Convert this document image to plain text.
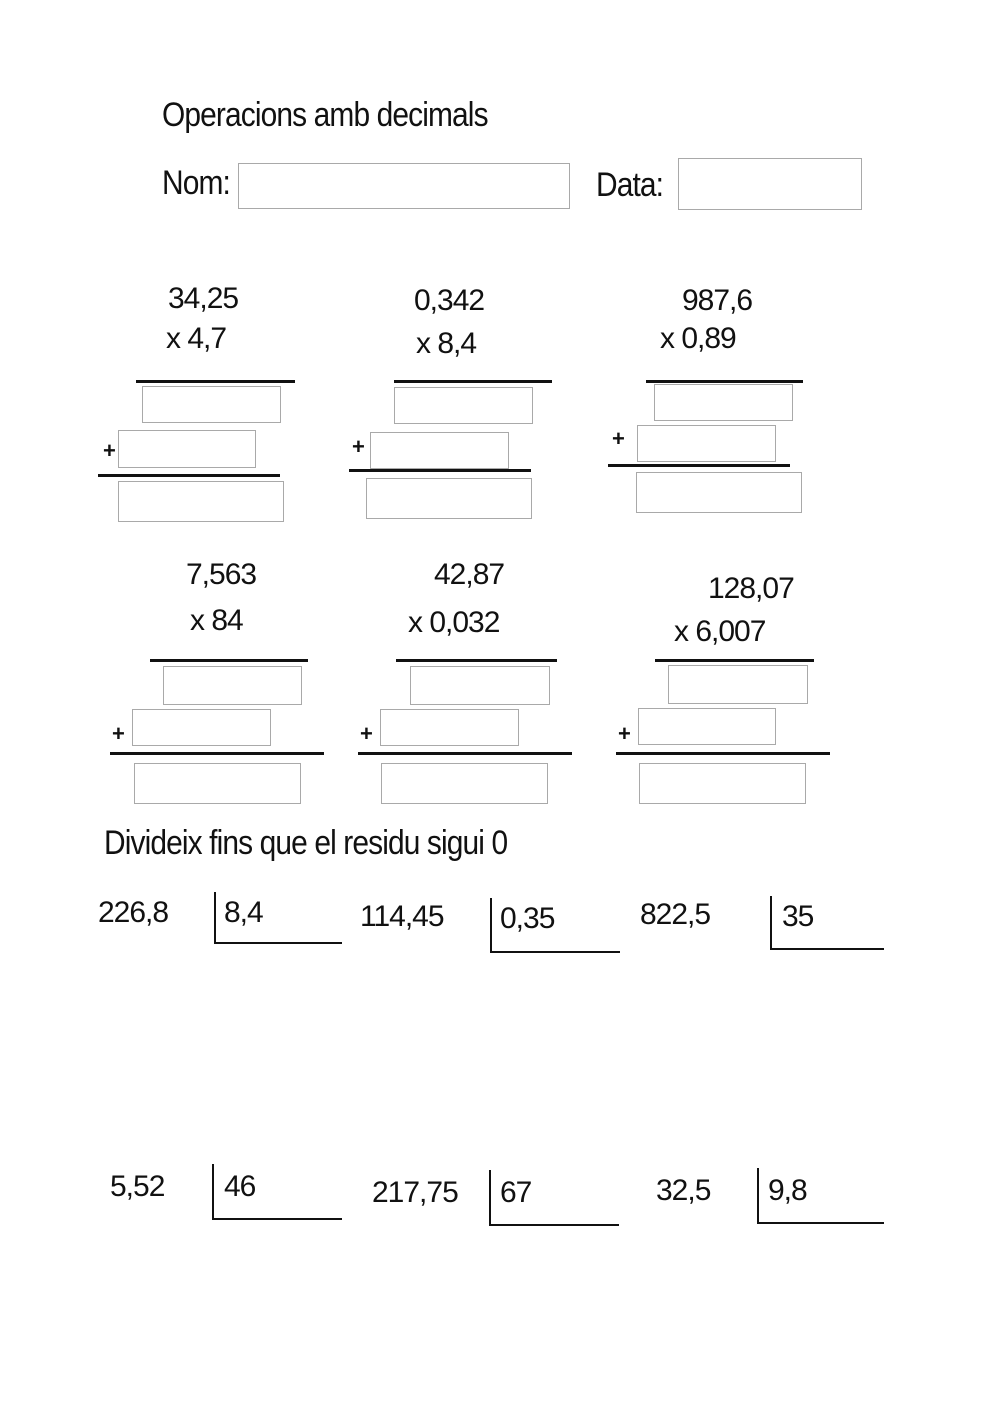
Operacions amb decimals
Nom:	Data:
34,25
x 4,7
+
0,342
x 8,4
+
987,6
x 0,89
+
7,563
x 84
+
42,87
x 0,032
+
128,07
x 6,007
+
Divideix fins que el residu sigui 0
226,8 8,4	114,45 0,35	822,5 35
5,52 46	217,75 67	32,5 9,8
